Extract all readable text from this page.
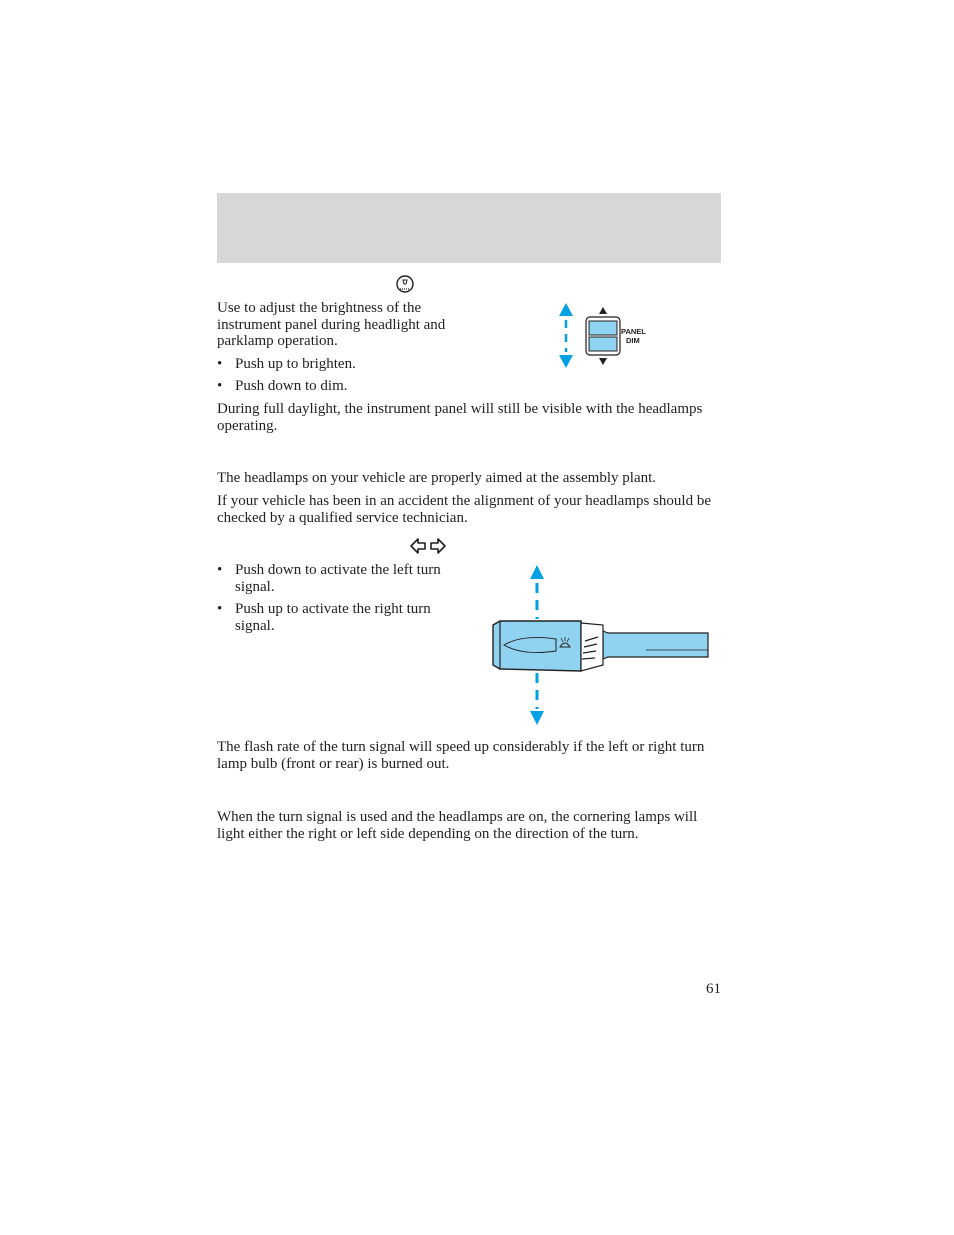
Use to adjust the brightness of the instrument panel during headlight and parklamp operation.

• Push up to brighten.
• Push down to dim.

During full daylight, the instrument panel will still be visible with the headlamps operating.

PANEL
DIM

The headlamps on your vehicle are properly aimed at the assembly plant.

If your vehicle has been in an accident the alignment of your headlamps should be checked by a qualified service technician.

• Push down to activate the left turn signal.
• Push up to activate the right turn signal.

The flash rate of the turn signal will speed up considerably if the left or right turn lamp bulb (front or rear) is burned out.

When the turn signal is used and the headlamps are on, the cornering lamps will light either the right or left side depending on the direction of the turn.

61
